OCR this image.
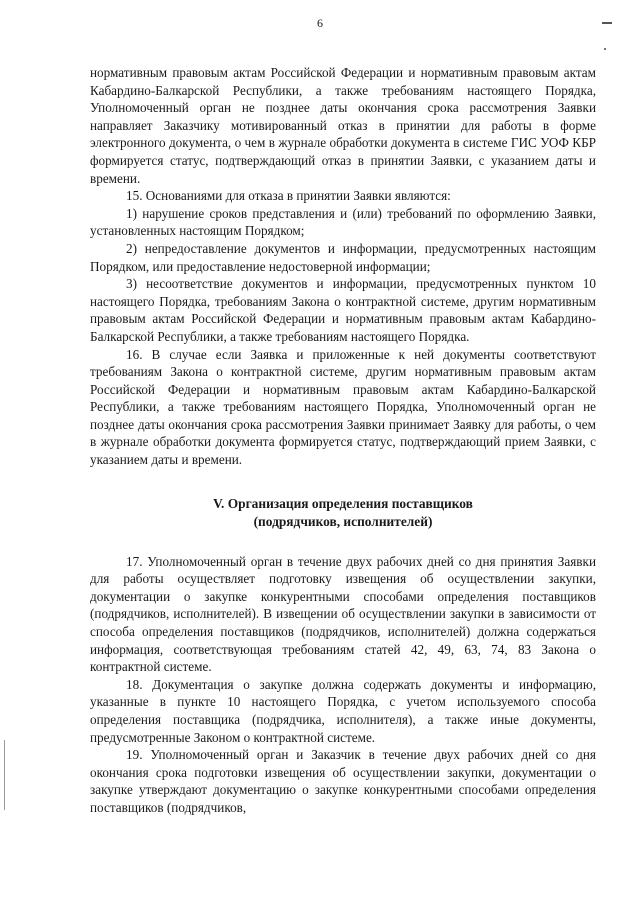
6

нормативным правовым актам Российской Федерации и нормативным правовым актам Кабардино-Балкарской Республики, а также требованиям настоящего Порядка, Уполномоченный орган не позднее даты окончания срока рассмотрения Заявки направляет Заказчику мотивированный отказ в принятии для работы в форме электронного документа, о чем в журнале обработки документа в системе ГИС УОФ КБР формируется статус, подтверждающий отказ в принятии Заявки, с указанием даты и времени.

15. Основаниями для отказа в принятии Заявки являются:

1) нарушение сроков представления и (или) требований по оформлению Заявки, установленных настоящим Порядком;

2) непредоставление документов и информации, предусмотренных настоящим Порядком, или предоставление недостоверной информации;

3) несоответствие документов и информации, предусмотренных пунктом 10 настоящего Порядка, требованиям Закона о контрактной системе, другим нормативным правовым актам Российской Федерации и нормативным правовым актам Кабардино-Балкарской Республики, а также требованиям настоящего Порядка.

16. В случае если Заявка и приложенные к ней документы соответствуют требованиям Закона о контрактной системе, другим нормативным правовым актам Российской Федерации и нормативным правовым актам Кабардино-Балкарской Республики, а также требованиям настоящего Порядка, Уполномоченный орган не позднее даты окончания срока рассмотрения Заявки принимает Заявку для работы, о чем в журнале обработки документа формируется статус, подтверждающий прием Заявки, с указанием даты и времени.

V. Организация определения поставщиков
(подрядчиков, исполнителей)

17. Уполномоченный орган в течение двух рабочих дней со дня принятия Заявки для работы осуществляет подготовку извещения об осуществлении закупки, документации о закупке конкурентными способами определения поставщиков (подрядчиков, исполнителей). В извещении об осуществлении закупки в зависимости от способа определения поставщиков (подрядчиков, исполнителей) должна содержаться информация, соответствующая требованиям статей 42, 49, 63, 74, 83 Закона о контрактной системе.

18. Документация о закупке должна содержать документы и информацию, указанные в пункте 10 настоящего Порядка, с учетом используемого способа определения поставщика (подрядчика, исполнителя), а также иные документы, предусмотренные Законом о контрактной системе.

19. Уполномоченный орган и Заказчик в течение двух рабочих дней со дня окончания срока подготовки извещения об осуществлении закупки, документации о закупке утверждают документацию о закупке конкурентными способами определения поставщиков (подрядчиков,
